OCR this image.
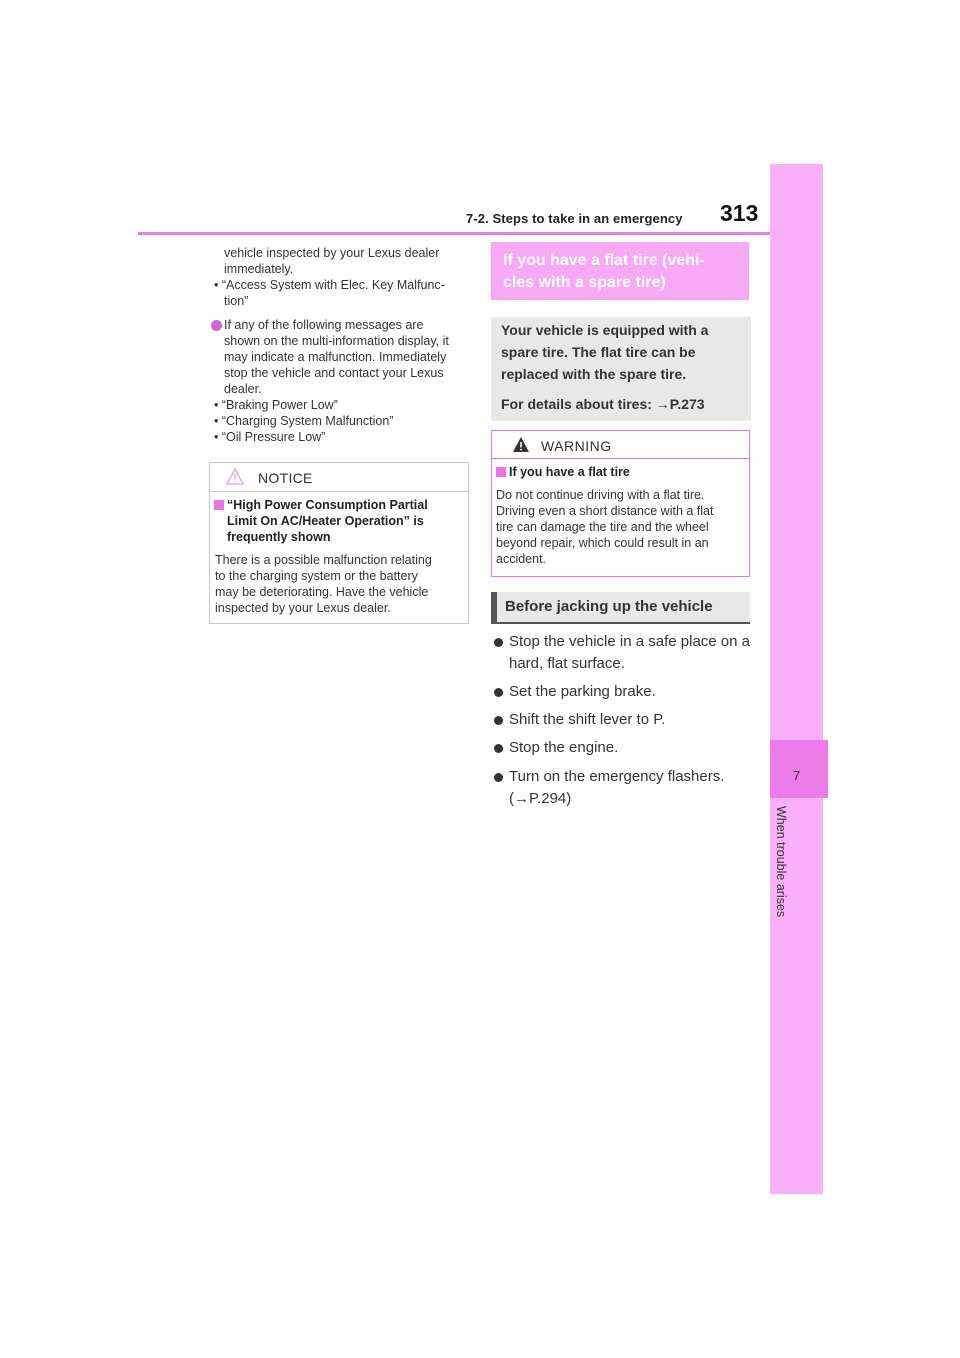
7-2. Steps to take in an emergency 313
7
When trouble arises
vehicle inspected by your Lexus dealer
immediately.
• “Access System with Elec. Key Malfunc-
tion”
If any of the following messages are
shown on the multi-information display, it
may indicate a malfunction. Immediately
stop the vehicle and contact your Lexus
dealer.
• “Braking Power Low”
• “Charging System Malfunction”
• “Oil Pressure Low”
NOTICE
“High Power Consumption Partial
Limit On AC/Heater Operation” is
frequently shown
There is a possible malfunction relating
to the charging system or the battery
may be deteriorating. Have the vehicle
inspected by your Lexus dealer.
If you have a flat tire (vehi-
cles with a spare tire)
Your vehicle is equipped with a
spare tire. The flat tire can be
replaced with the spare tire.
For details about tires: →P.273
WARNING
If you have a flat tire
Do not continue driving with a flat tire.
Driving even a short distance with a flat
tire can damage the tire and the wheel
beyond repair, which could result in an
accident.
Before jacking up the vehicle
Stop the vehicle in a safe place on a
hard, flat surface.
Set the parking brake.
Shift the shift lever to P.
Stop the engine.
Turn on the emergency flashers.
(→P.294)
